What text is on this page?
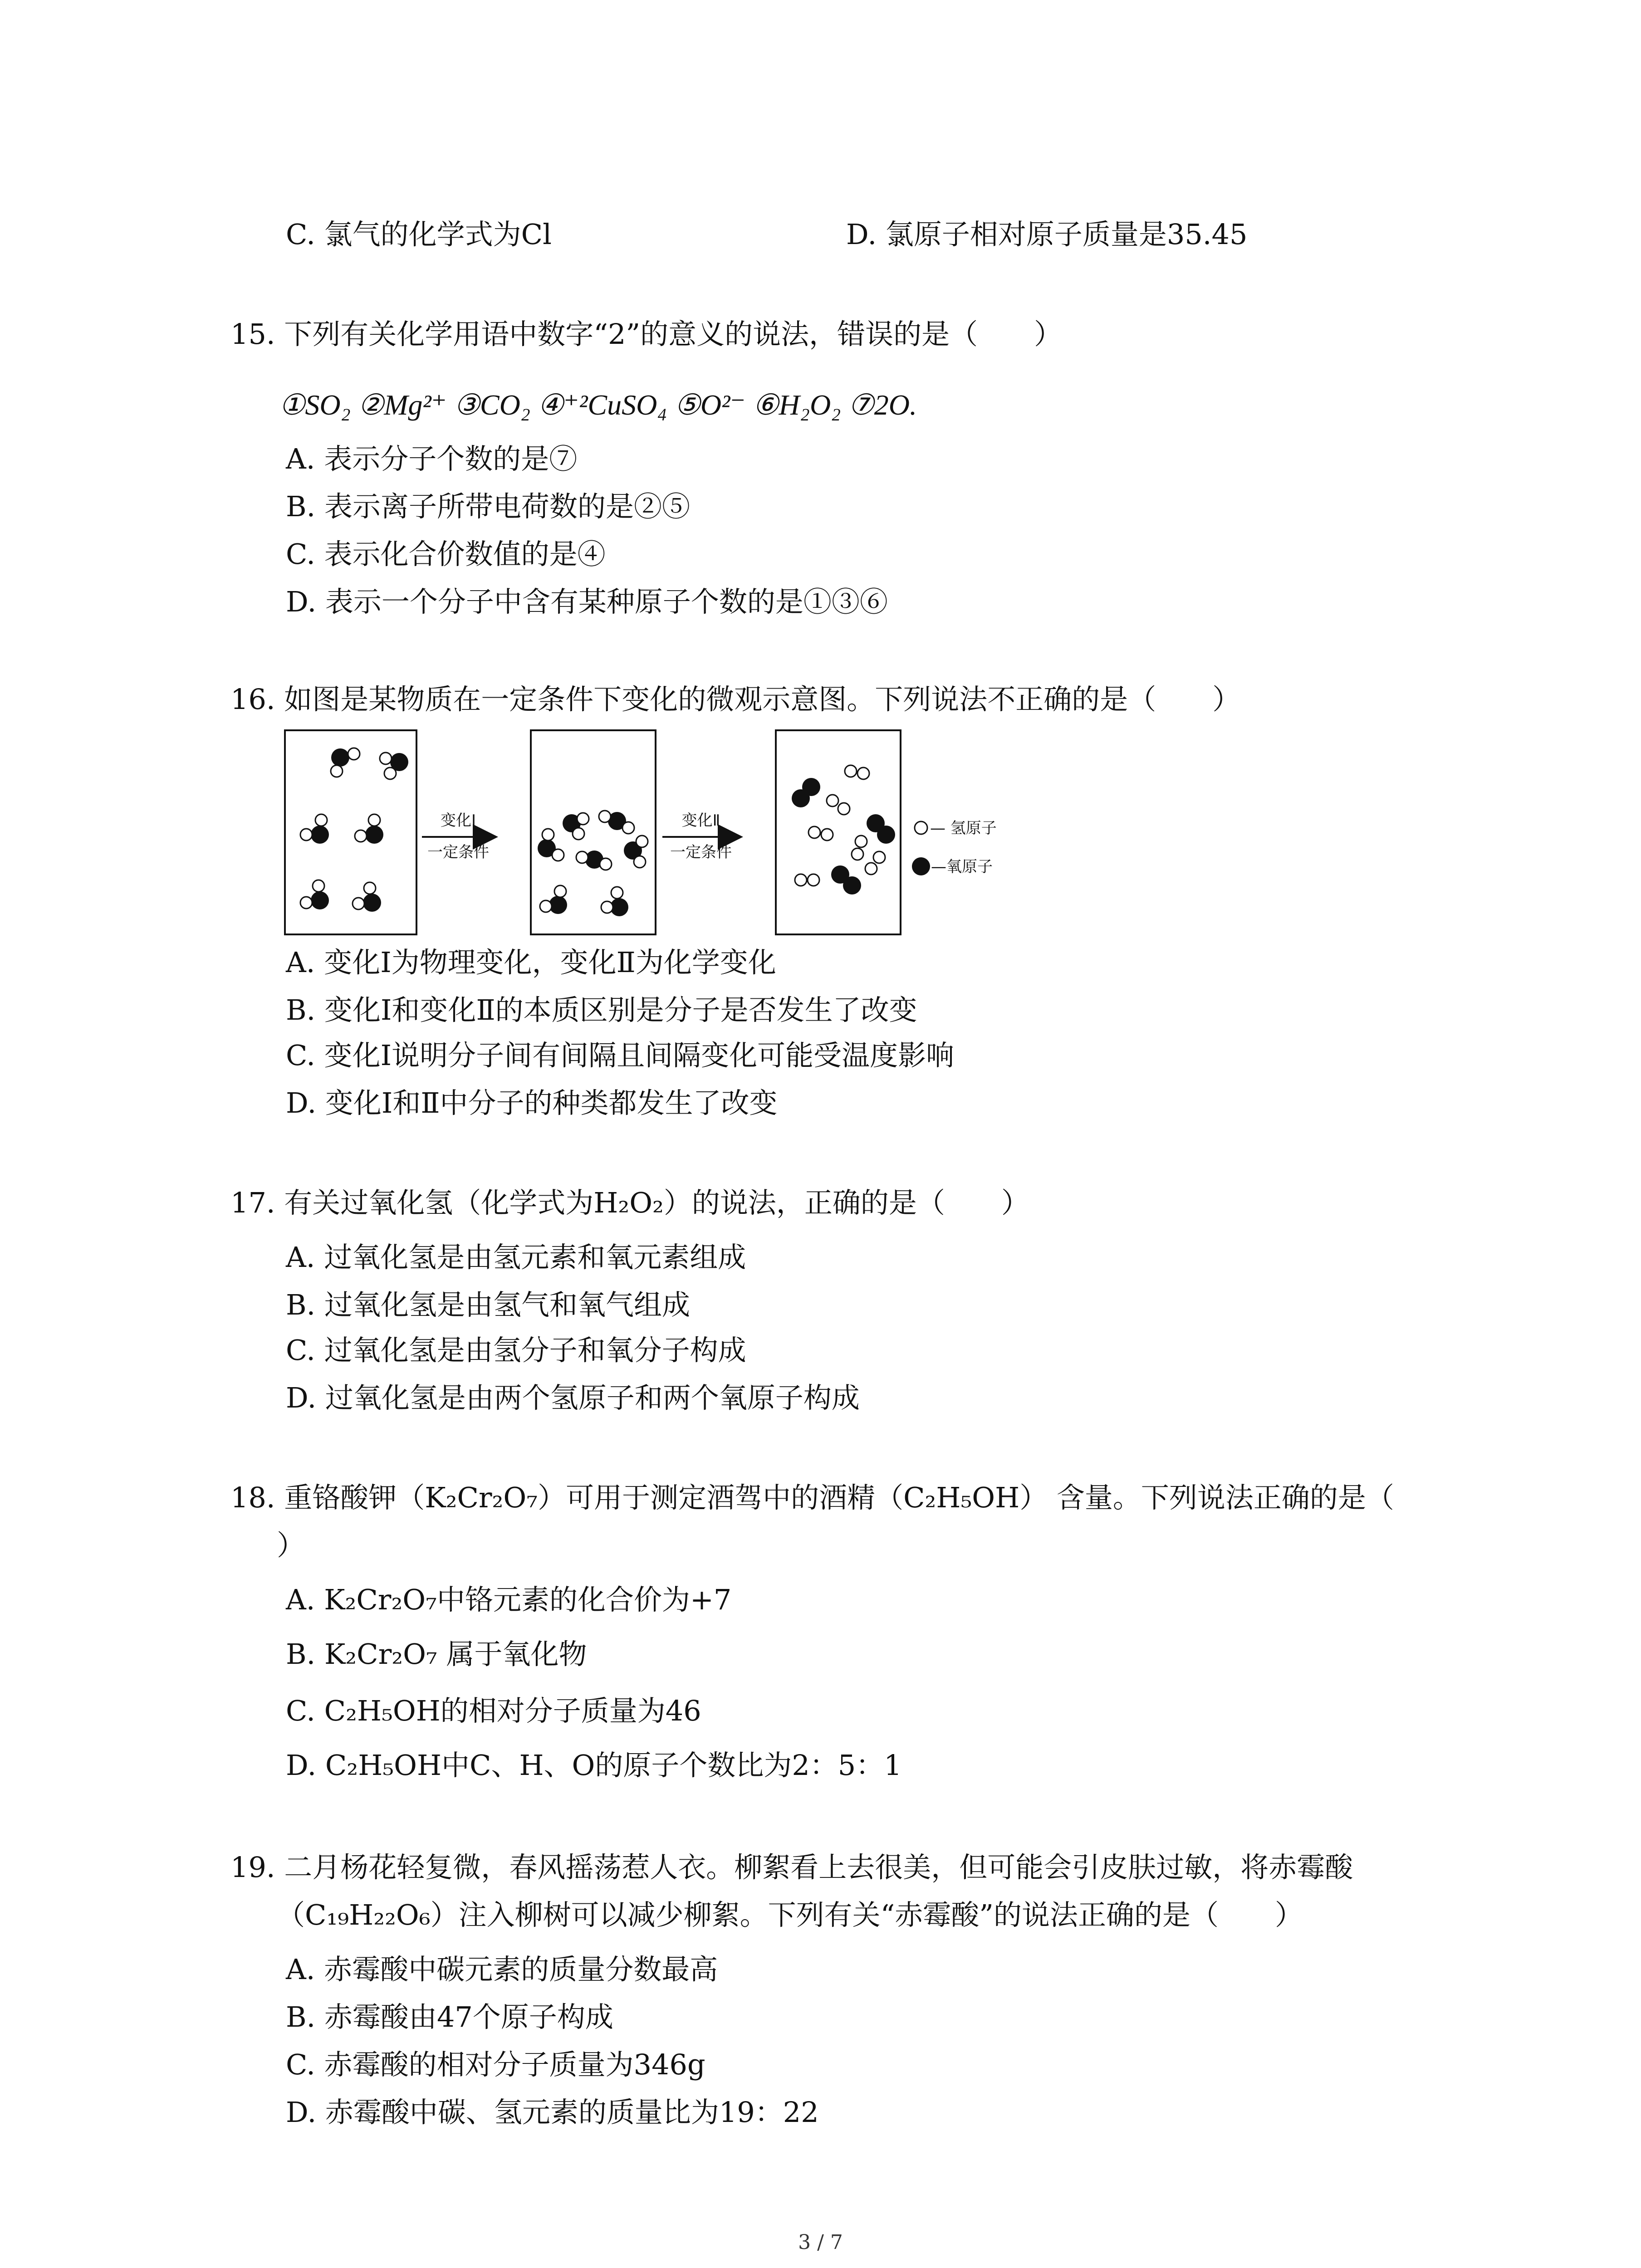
C. 氯气的化学式为Cl	D. 氯原子相对原子质量是35.45
15. 下列有关化学用语中数字“2”的意义的说法，错误的是（　　）
①SO₂ ②Mg²⁺ ③CO₂ ④⁺²CuSO₄ ⑤O²⁻ ⑥H₂O₂ ⑦2O.
A. 表示分子个数的是⑦
B. 表示离子所带电荷数的是②⑤
C. 表示化合价数值的是④
D. 表示一个分子中含有某种原子个数的是①③⑥
16. 如图是某物质在一定条件下变化的微观示意图。下列说法不正确的是（　　）
变化Ⅰ
一定条件
变化Ⅱ
一定条件
— 氢原子
—氧原子
A. 变化Ⅰ为物理变化，变化Ⅱ为化学变化
B. 变化Ⅰ和变化Ⅱ的本质区别是分子是否发生了改变
C. 变化Ⅰ说明分子间有间隔且间隔变化可能受温度影响
D. 变化Ⅰ和Ⅱ中分子的种类都发生了改变
17. 有关过氧化氢（化学式为H₂O₂）的说法，正确的是（　　）
A. 过氧化氢是由氢元素和氧元素组成
B. 过氧化氢是由氢气和氧气组成
C. 过氧化氢是由氢分子和氧分子构成
D. 过氧化氢是由两个氢原子和两个氧原子构成
18. 重铬酸钾（K₂Cr₂O₇）可用于测定酒驾中的酒精（C₂H₅OH） 含量。下列说法正确的是（
）
A. K₂Cr₂O₇中铬元素的化合价为+7
B. K₂Cr₂O₇ 属于氧化物
C. C₂H₅OH的相对分子质量为46
D. C₂H₅OH中C、H、O的原子个数比为2：5：1
19. 二月杨花轻复微，春风摇荡惹人衣。柳絮看上去很美，但可能会引皮肤过敏，将赤霉酸
（C₁₉H₂₂O₆）注入柳树可以减少柳絮。下列有关“赤霉酸”的说法正确的是（　　）
A. 赤霉酸中碳元素的质量分数最高
B. 赤霉酸由47个原子构成
C. 赤霉酸的相对分子质量为346g
D. 赤霉酸中碳、氢元素的质量比为19：22
3 / 7
